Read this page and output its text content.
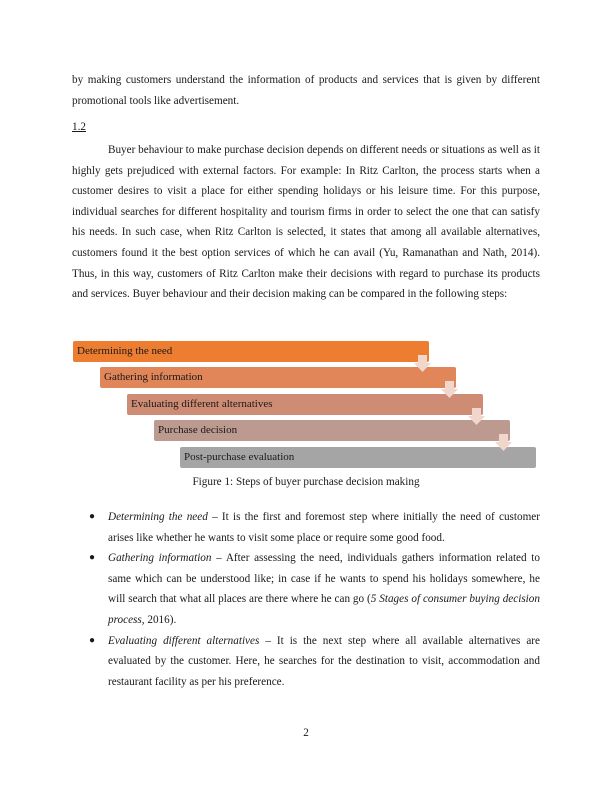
by making customers understand the information of products and services that is given by different promotional tools like advertisement.

1.2

Buyer behaviour to make purchase decision depends on different needs or situations as well as it highly gets prejudiced with external factors. For example: In Ritz Carlton, the process starts when a customer desires to visit a place for either spending holidays or his leisure time. For this purpose, individual searches for different hospitality and tourism firms in order to select the one that can satisfy his needs. In such case, when Ritz Carlton is selected, it states that among all available alternatives, customers found it the best option services of which he can avail (Yu, Ramanathan and Nath, 2014). Thus, in this way, customers of Ritz Carlton make their decisions with regard to purchase its products and services. Buyer behaviour and their decision making can be compared in the following steps:

Determining the need
Gathering information
Evaluating different alternatives
Purchase decision
Post-purchase evaluation

Figure 1: Steps of buyer purchase decision making

● Determining the need – It is the first and foremost step where initially the need of customer arises like whether he wants to visit some place or require some good food.
● Gathering information – After assessing the need, individuals gathers information related to same which can be understood like; in case if he wants to spend his holidays somewhere, he will search that what all places are there where he can go (5 Stages of consumer buying decision process, 2016).
● Evaluating different alternatives – It is the next step where all available alternatives are evaluated by the customer. Here, he searches for the destination to visit, accommodation and restaurant facility as per his preference.

2
